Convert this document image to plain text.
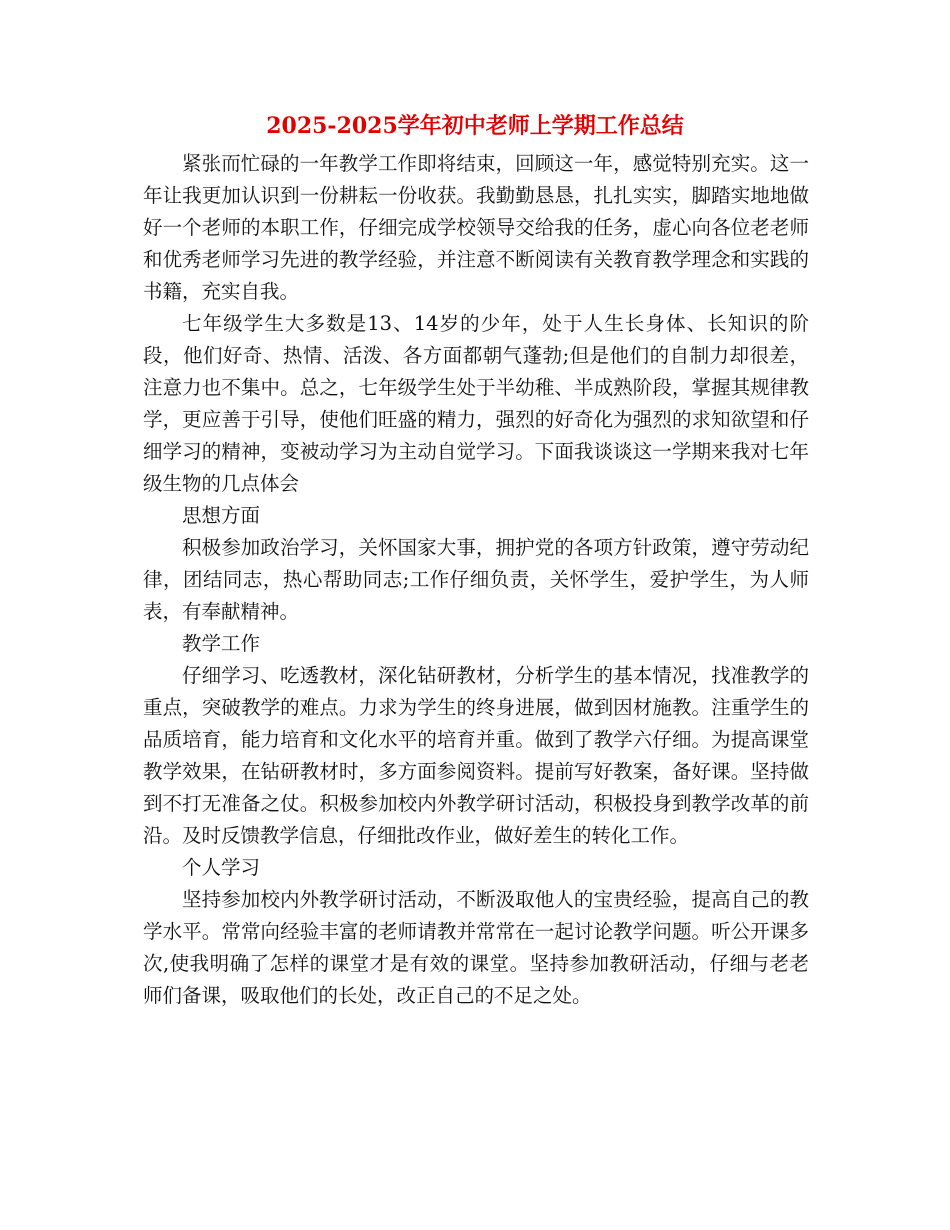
2025-2025学年初中老师上学期工作总结

紧张而忙碌的一年教学工作即将结束，回顾这一年，感觉特别充实。这一年让我更加认识到一份耕耘一份收获。我勤勤恳恳，扎扎实实，脚踏实地地做好一个老师的本职工作，仔细完成学校领导交给我的任务，虚心向各位老老师和优秀老师学习先进的教学经验，并注意不断阅读有关教育教学理念和实践的书籍，充实自我。

七年级学生大多数是13、14岁的少年，处于人生长身体、长知识的阶段，他们好奇、热情、活泼、各方面都朝气蓬勃;但是他们的自制力却很差，注意力也不集中。总之，七年级学生处于半幼稚、半成熟阶段，掌握其规律教学，更应善于引导，使他们旺盛的精力，强烈的好奇化为强烈的求知欲望和仔细学习的精神，变被动学习为主动自觉学习。下面我谈谈这一学期来我对七年级生物的几点体会

思想方面

积极参加政治学习，关怀国家大事，拥护党的各项方针政策，遵守劳动纪律，团结同志，热心帮助同志;工作仔细负责，关怀学生，爱护学生，为人师表，有奉献精神。

教学工作

仔细学习、吃透教材，深化钻研教材，分析学生的基本情况，找准教学的重点，突破教学的难点。力求为学生的终身进展，做到因材施教。注重学生的品质培育，能力培育和文化水平的培育并重。做到了教学六仔细。为提高课堂教学效果，在钻研教材时，多方面参阅资料。提前写好教案，备好课。坚持做到不打无准备之仗。积极参加校内外教学研讨活动，积极投身到教学改革的前沿。及时反馈教学信息，仔细批改作业，做好差生的转化工作。

个人学习

坚持参加校内外教学研讨活动，不断汲取他人的宝贵经验，提高自己的教学水平。常常向经验丰富的老师请教并常常在一起讨论教学问题。听公开课多次,使我明确了怎样的课堂才是有效的课堂。坚持参加教研活动，仔细与老老师们备课，吸取他们的长处，改正自己的不足之处。
